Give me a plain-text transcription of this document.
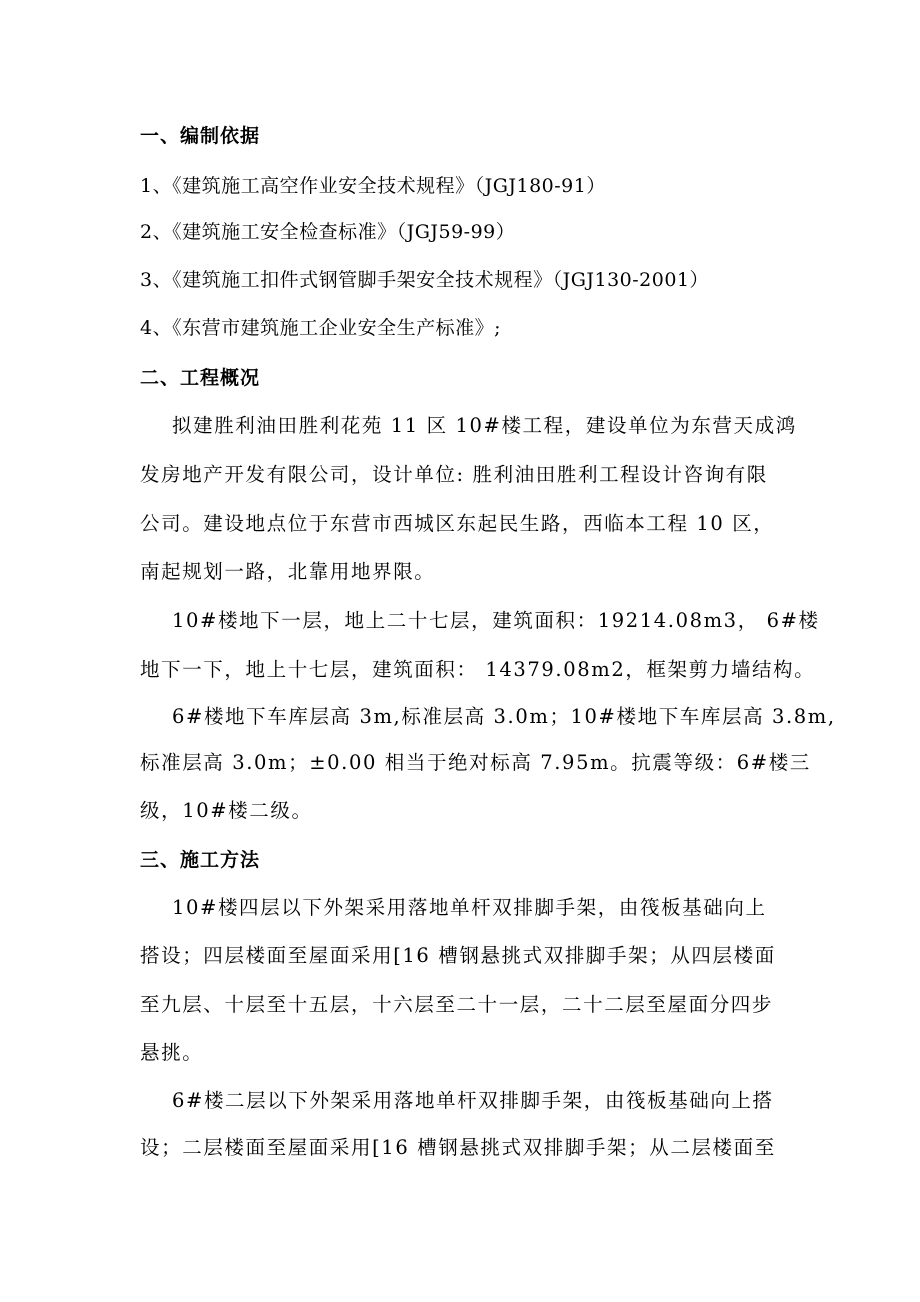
一、编制依据
1、《建筑施工高空作业安全技术规程》（JGJ180-91）
2、《建筑施工安全检查标准》（JGJ59-99）
3、《建筑施工扣件式钢管脚手架安全技术规程》（JGJ130-2001）
4、《东营市建筑施工企业安全生产标准》;
二、工程概况
拟建胜利油田胜利花苑 11 区 10#楼工程，建设单位为东营天成鸿
发房地产开发有限公司，设计单位: 胜利油田胜利工程设计咨询有限
公司。建设地点位于东营市西城区东起民生路，西临本工程 10 区，
南起规划一路，北靠用地界限。
10#楼地下一层，地上二十七层，建筑面积：19214.08m3， 6#楼
地下一下，地上十七层，建筑面积： 14379.08m2，框架剪力墙结构。
6#楼地下车库层高 3m,标准层高 3.0m；10#楼地下车库层高 3.8m,
标准层高 3.0m；±0.00 相当于绝对标高 7.95m。抗震等级：6#楼三
级，10#楼二级。
三、施工方法
10#楼四层以下外架采用落地单杆双排脚手架，由筏板基础向上
搭设；四层楼面至屋面采用[16 槽钢悬挑式双排脚手架；从四层楼面
至九层、十层至十五层，十六层至二十一层，二十二层至屋面分四步
悬挑。
6#楼二层以下外架采用落地单杆双排脚手架，由筏板基础向上搭
设；二层楼面至屋面采用[16 槽钢悬挑式双排脚手架；从二层楼面至
